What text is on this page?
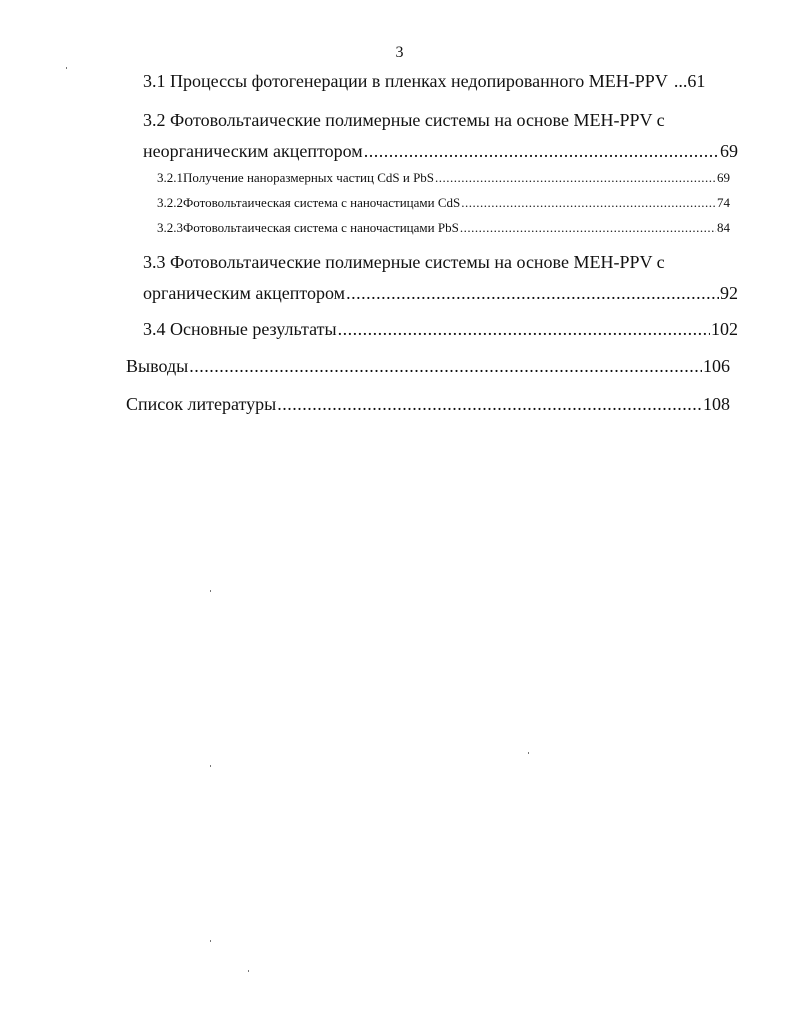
3
3.1 Процессы фотогенерации в пленках недопированного MEH-PPV ...61
3.2 Фотовольтаические полимерные системы на основе MEH-PPV с
неорганическим акцептором .....	69
3.2.1 Получение наноразмерных частиц CdS и PbS .....	69
3.2.2 Фотовольтаическая система с наночастицами CdS .....	74
3.2.3 Фотовольтаическая система с наночастицами PbS .....	84
3.3 Фотовольтаические полимерные системы на основе MEH-PPV с
органическим акцептором .....	92
3.4 Основные результаты .....	102
Выводы .....	106
Список литературы .....	108
